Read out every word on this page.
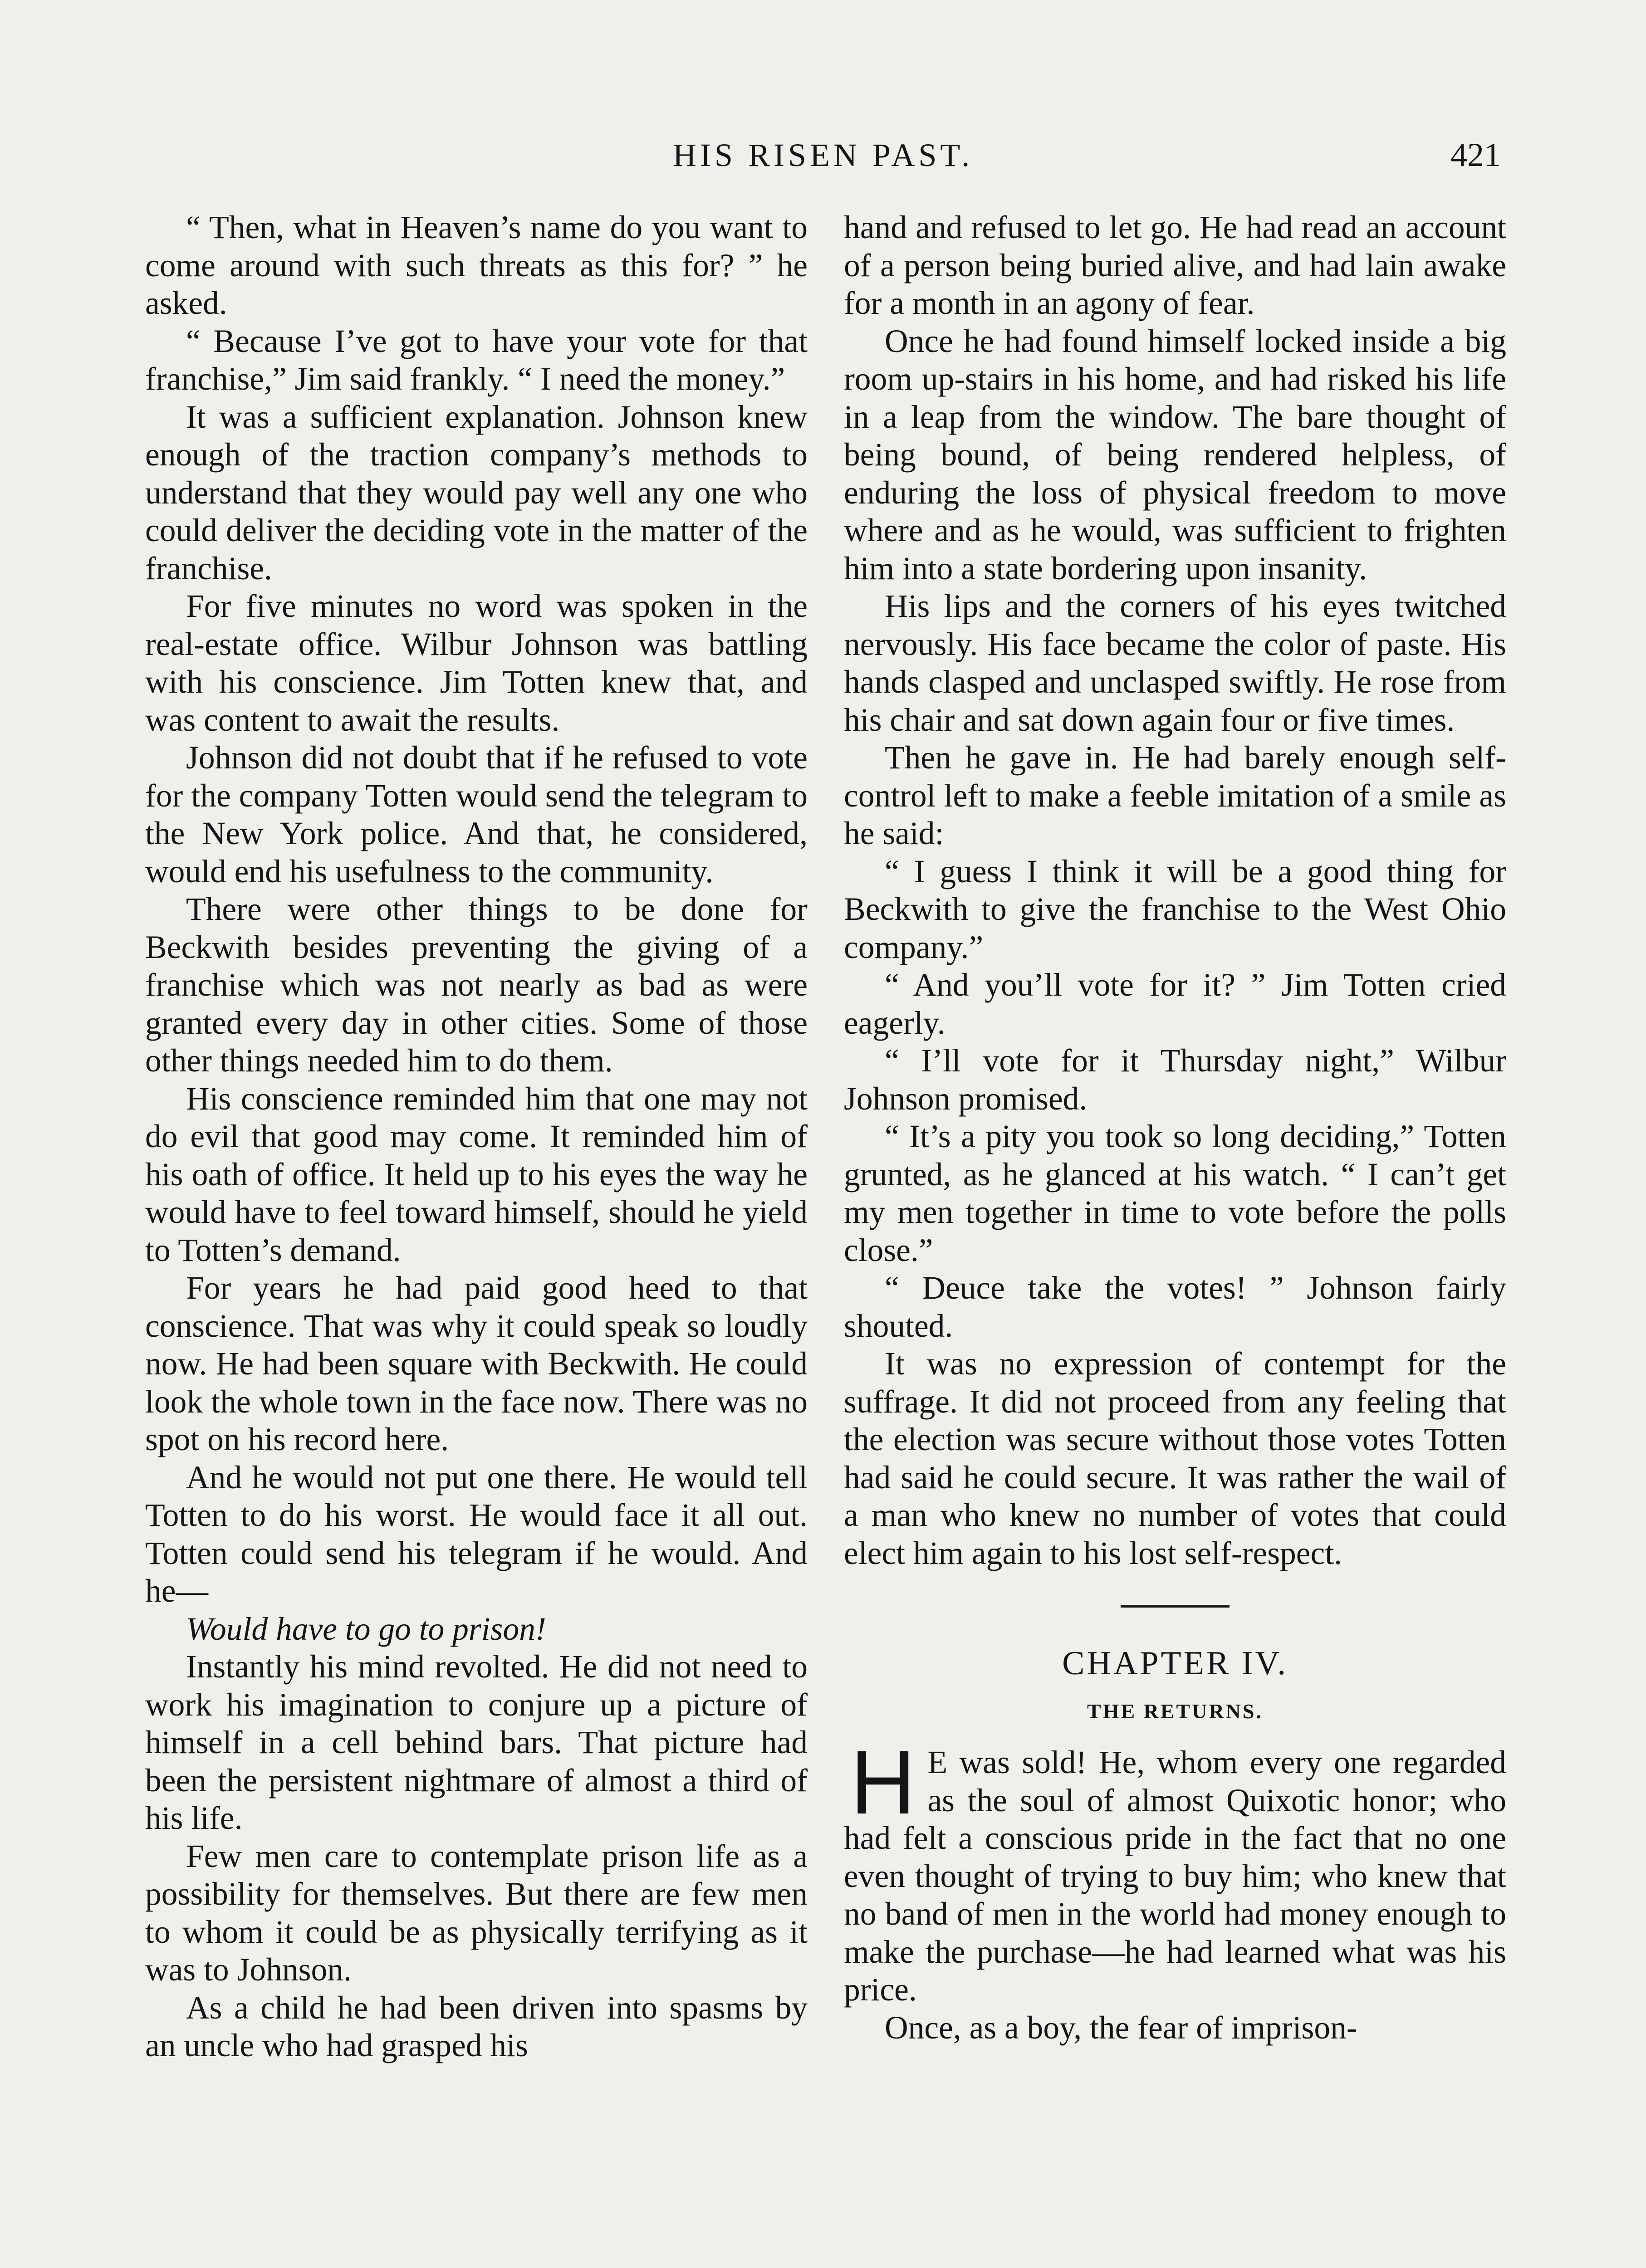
HIS RISEN PAST.	421

“ Then, what in Heaven’s name do you want to come around with such threats as this for? ” he asked.

“ Because I’ve got to have your vote for that franchise,” Jim said frankly. “ I need the money.”

It was a sufficient explanation. Johnson knew enough of the traction company’s methods to understand that they would pay well any one who could deliver the deciding vote in the matter of the franchise.

For five minutes no word was spoken in the real-estate office. Wilbur Johnson was battling with his conscience. Jim Totten knew that, and was content to await the results.

Johnson did not doubt that if he refused to vote for the company Totten would send the telegram to the New York police. And that, he considered, would end his usefulness to the community.

There were other things to be done for Beckwith besides preventing the giving of a franchise which was not nearly as bad as were granted every day in other cities. Some of those other things needed him to do them.

His conscience reminded him that one may not do evil that good may come. It reminded him of his oath of office. It held up to his eyes the way he would have to feel toward himself, should he yield to Totten’s demand.

For years he had paid good heed to that conscience. That was why it could speak so loudly now. He had been square with Beckwith. He could look the whole town in the face now. There was no spot on his record here.

And he would not put one there. He would tell Totten to do his worst. He would face it all out. Totten could send his telegram if he would. And he—

Would have to go to prison!

Instantly his mind revolted. He did not need to work his imagination to conjure up a picture of himself in a cell behind bars. That picture had been the persistent nightmare of almost a third of his life.

Few men care to contemplate prison life as a possibility for themselves. But there are few men to whom it could be as physically terrifying as it was to Johnson.

As a child he had been driven into spasms by an uncle who had grasped his

hand and refused to let go. He had read an account of a person being buried alive, and had lain awake for a month in an agony of fear.

Once he had found himself locked inside a big room up-stairs in his home, and had risked his life in a leap from the window. The bare thought of being bound, of being rendered helpless, of enduring the loss of physical freedom to move where and as he would, was sufficient to frighten him into a state bordering upon insanity.

His lips and the corners of his eyes twitched nervously. His face became the color of paste. His hands clasped and unclasped swiftly. He rose from his chair and sat down again four or five times.

Then he gave in. He had barely enough self-control left to make a feeble imitation of a smile as he said:

“ I guess I think it will be a good thing for Beckwith to give the franchise to the West Ohio company.”

“ And you’ll vote for it? ” Jim Totten cried eagerly.

“ I’ll vote for it Thursday night,” Wilbur Johnson promised.

“ It’s a pity you took so long deciding,” Totten grunted, as he glanced at his watch. “ I can’t get my men together in time to vote before the polls close.”

“ Deuce take the votes! ” Johnson fairly shouted.

It was no expression of contempt for the suffrage. It did not proceed from any feeling that the election was secure without those votes Totten had said he could secure. It was rather the wail of a man who knew no number of votes that could elect him again to his lost self-respect.

CHAPTER IV.
THE RETURNS.

H E was sold! He, whom every one regarded as the soul of almost Quixotic honor; who had felt a conscious pride in the fact that no one even thought of trying to buy him; who knew that no band of men in the world had money enough to make the purchase—he had learned what was his price.

Once, as a boy, the fear of imprison-
